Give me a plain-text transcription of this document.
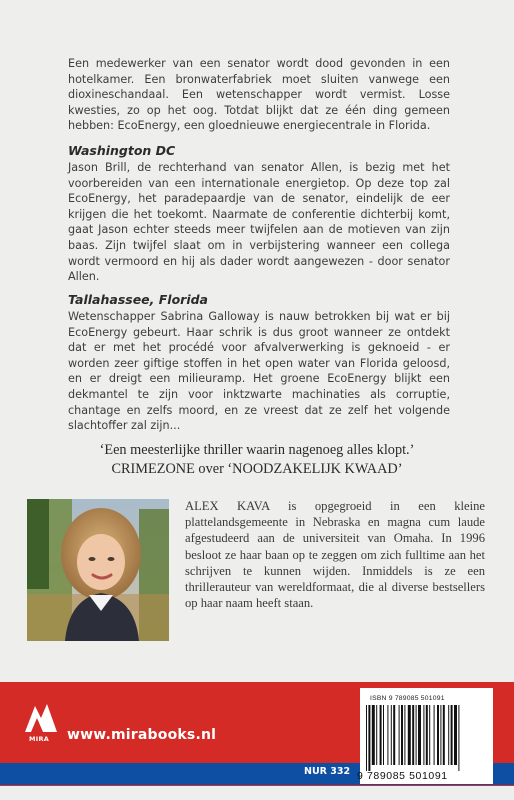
Een medewerker van een senator wordt dood gevonden in een hotelkamer. Een bronwaterfabriek moet sluiten vanwege een dioxineschandaal. Een wetenschapper wordt vermist. Losse kwesties, zo op het oog. Totdat blijkt dat ze één ding gemeen hebben: EcoEnergy, een gloednieuwe energiecentrale in Florida.

Washington DC

Jason Brill, de rechterhand van senator Allen, is bezig met het voorbereiden van een internationale energietop. Op deze top zal EcoEnergy, het paradepaardje van de senator, eindelijk de eer krijgen die het toekomt. Naarmate de conferentie dichterbij komt, gaat Jason echter steeds meer twijfelen aan de motieven van zijn baas. Zijn twijfel slaat om in verbijstering wanneer een collega wordt vermoord en hij als dader wordt aangewezen - door senator Allen.

Tallahassee, Florida

Wetenschapper Sabrina Galloway is nauw betrokken bij wat er bij EcoEnergy gebeurt. Haar schrik is dus groot wanneer ze ontdekt dat er met het procédé voor afvalverwerking is geknoeid - er worden zeer giftige stoffen in het open water van Florida geloosd, en er dreigt een milieuramp. Het groene EcoEnergy blijkt een dekmantel te zijn voor inktzwarte machinaties als corruptie, chantage en zelfs moord, en ze vreest dat ze zelf het volgende slachtoffer zal zijn...

‘Een meesterlijke thriller waarin nagenoeg alles klopt.’
CRIMEZONE over ‘NOODZAKELIJK KWAAD’

ALEX KAVA is opgegroeid in een kleine plattelandsgemeente in Nebraska en magna cum laude afgestudeerd aan de universiteit van Omaha. In 1996 besloot ze haar baan op te zeggen om zich fulltime aan het schrijven te kunnen wijden. Inmiddels is ze een thrillerauteur van wereldformaat, die al diverse bestsellers op haar naam heeft staan.

MIRA www.mirabooks.nl
NUR 332
ISBN 9 789085 501091
9 789085 501091
